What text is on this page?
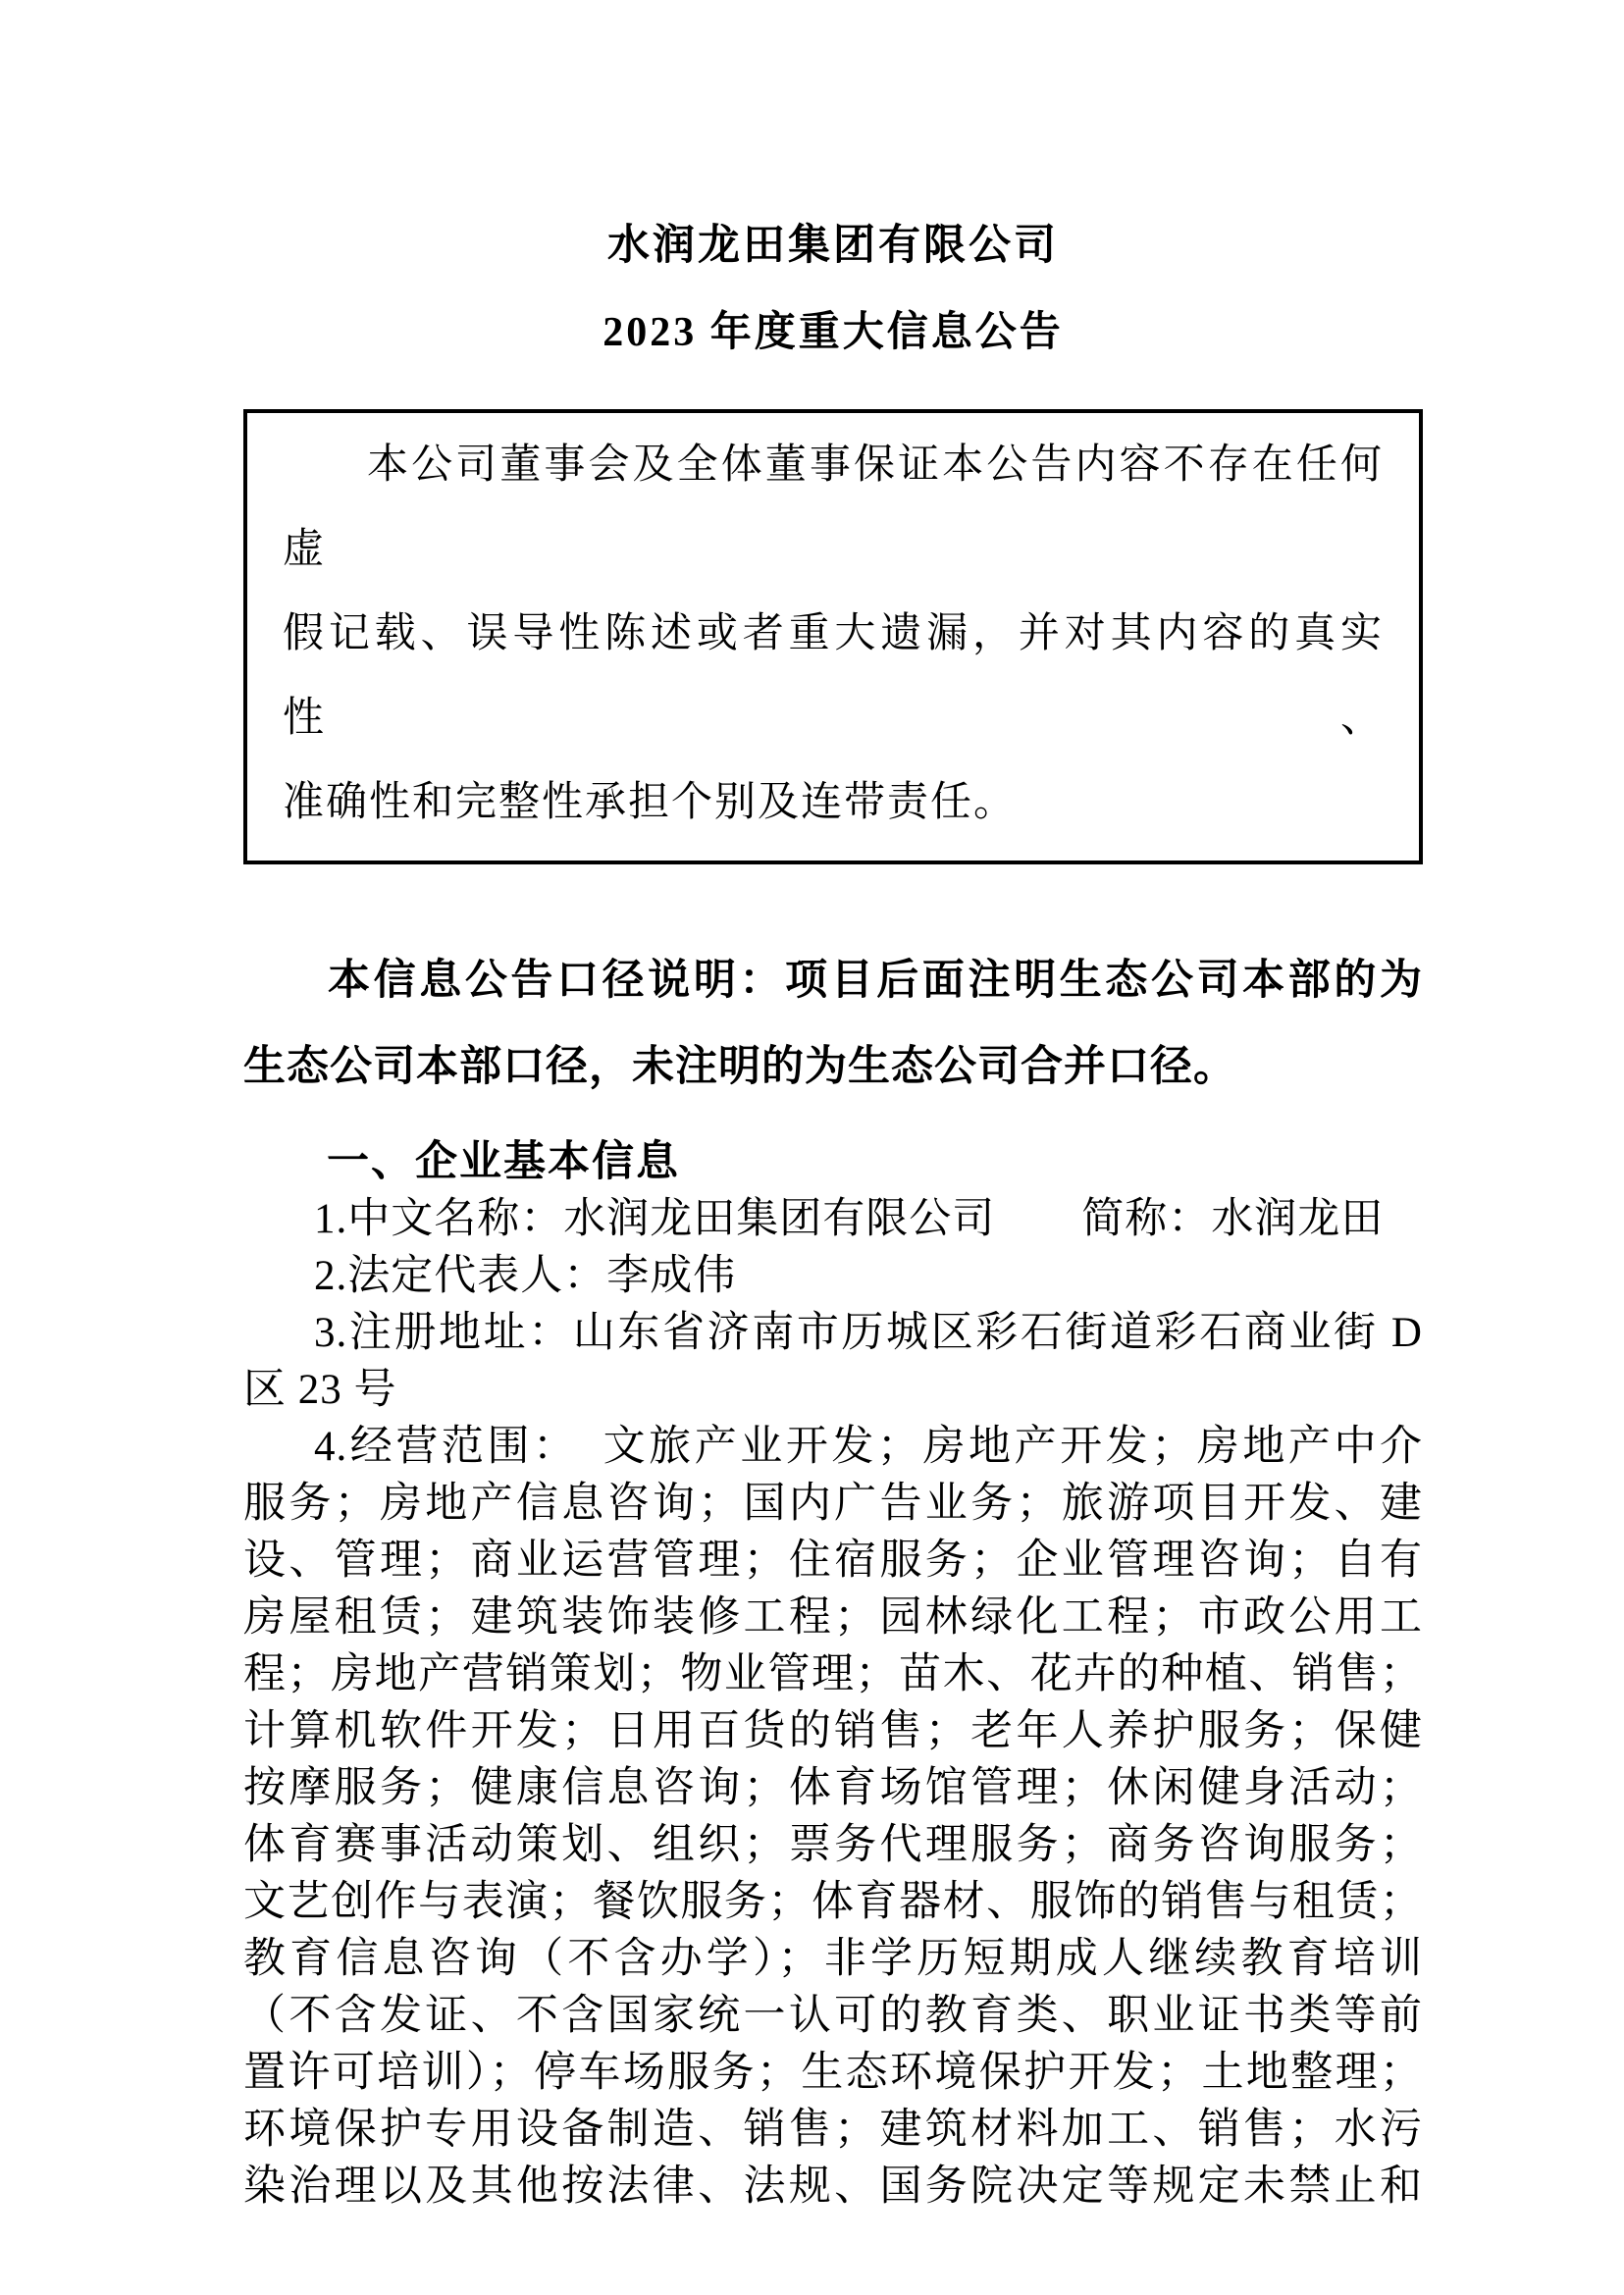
水润龙田集团有限公司
2023 年度重大信息公告
本公司董事会及全体董事保证本公告内容不存在任何虚
假记载、误导性陈述或者重大遗漏，并对其内容的真实性、
准确性和完整性承担个别及连带责任。
本信息公告口径说明：项目后面注明生态公司本部的为
生态公司本部口径，未注明的为生态公司合并口径。
一、企业基本信息
1.中文名称：水润龙田集团有限公司　　简称：水润龙田
2.法定代表人：李成伟
3.注册地址：山东省济南市历城区彩石街道彩石商业街 D
区 23 号
4.经营范围：　文旅产业开发；房地产开发；房地产中介
服务；房地产信息咨询；国内广告业务；旅游项目开发、建
设、管理；商业运营管理；住宿服务；企业管理咨询；自有
房屋租赁；建筑装饰装修工程；园林绿化工程；市政公用工
程；房地产营销策划；物业管理；苗木、花卉的种植、销售；
计算机软件开发；日用百货的销售；老年人养护服务；保健
按摩服务；健康信息咨询；体育场馆管理；休闲健身活动；
体育赛事活动策划、组织；票务代理服务；商务咨询服务；
文艺创作与表演；餐饮服务；体育器材、服饰的销售与租赁；
教育信息咨询（不含办学）；非学历短期成人继续教育培训
（不含发证、不含国家统一认可的教育类、职业证书类等前
置许可培训）；停车场服务；生态环境保护开发；土地整理；
环境保护专用设备制造、销售；建筑材料加工、销售；水污
染治理以及其他按法律、法规、国务院决定等规定未禁止和
